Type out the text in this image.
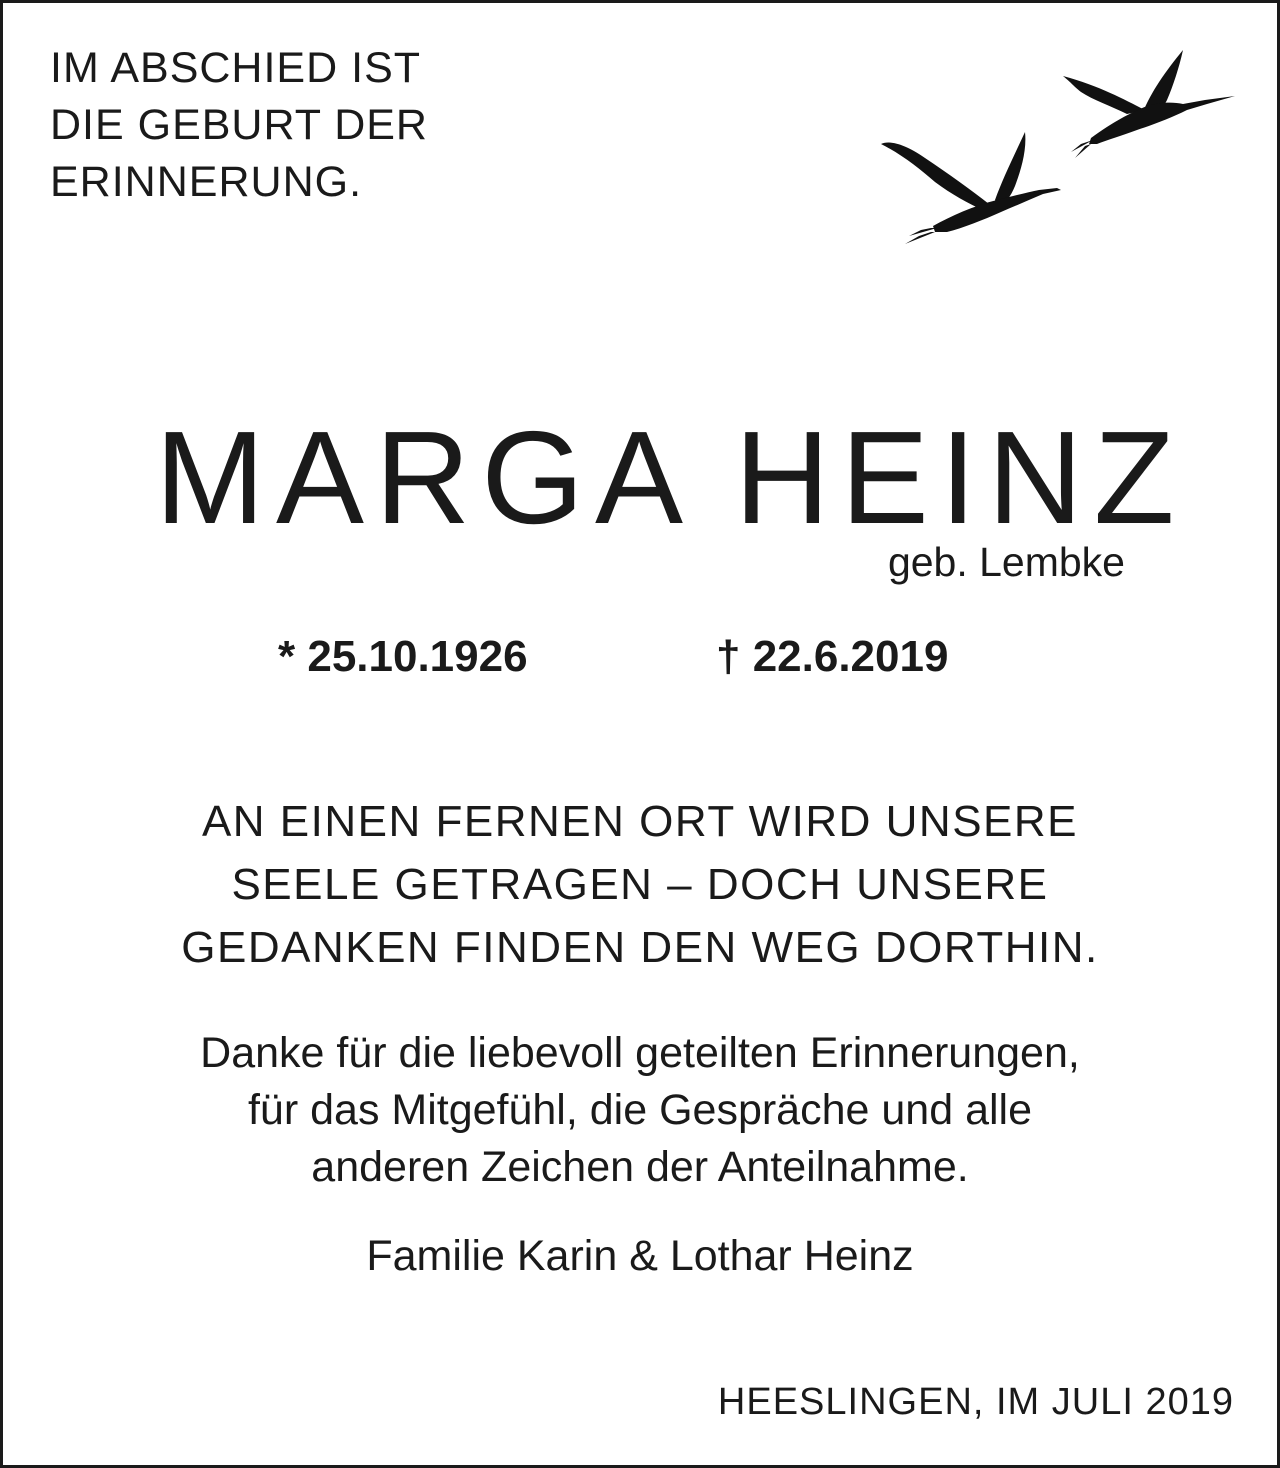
IM ABSCHIED IST
DIE GEBURT DER
ERINNERUNG.
MARGA HEINZ
geb. Lembke
* 25.10.1926	† 22.6.2019
AN EINEN FERNEN ORT WIRD UNSERE
SEELE GETRAGEN – DOCH UNSERE
GEDANKEN FINDEN DEN WEG DORTHIN.
Danke für die liebevoll geteilten Erinnerungen,
für das Mitgefühl, die Gespräche und alle
anderen Zeichen der Anteilnahme.
Familie Karin & Lothar Heinz
HEESLINGEN, IM JULI 2019
